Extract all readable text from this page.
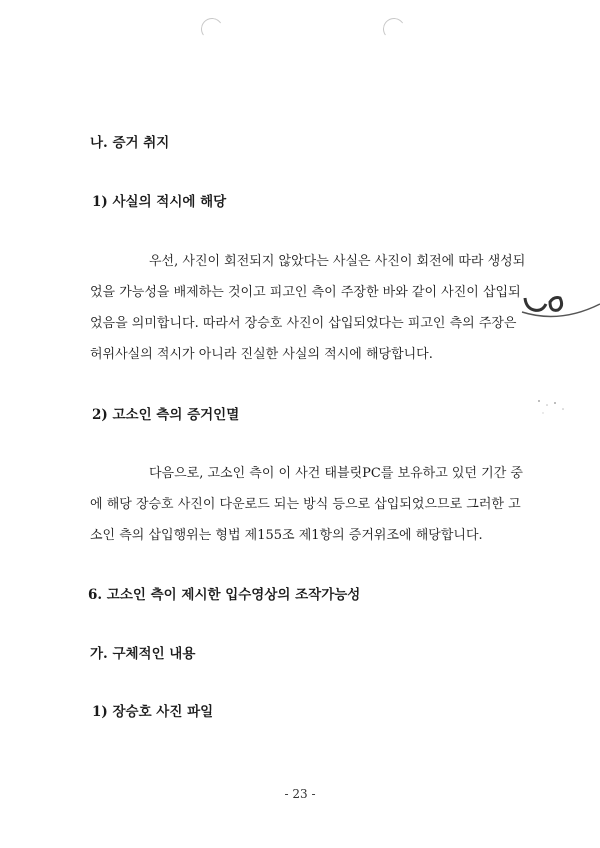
나. 증거 취지
1) 사실의 적시에 해당
우선, 사진이 회전되지 않았다는 사실은 사진이 회전에 따라 생성되
었을 가능성을 배제하는 것이고 피고인 측이 주장한 바와 같이 사진이 삽입되
었음을 의미합니다. 따라서 장승호 사진이 삽입되었다는 피고인 측의 주장은
허위사실의 적시가 아니라 진실한 사실의 적시에 해당합니다.
2) 고소인 측의 증거인멸
다음으로, 고소인 측이 이 사건 태블릿PC를 보유하고 있던 기간 중
에 해당 장승호 사진이 다운로드 되는 방식 등으로 삽입되었으므로 그러한 고
소인 측의 삽입행위는 형법 제155조 제1항의 증거위조에 해당합니다.
6. 고소인 측이 제시한 입수영상의 조작가능성
가. 구체적인 내용
1) 장승호 사진 파일
- 23 -
